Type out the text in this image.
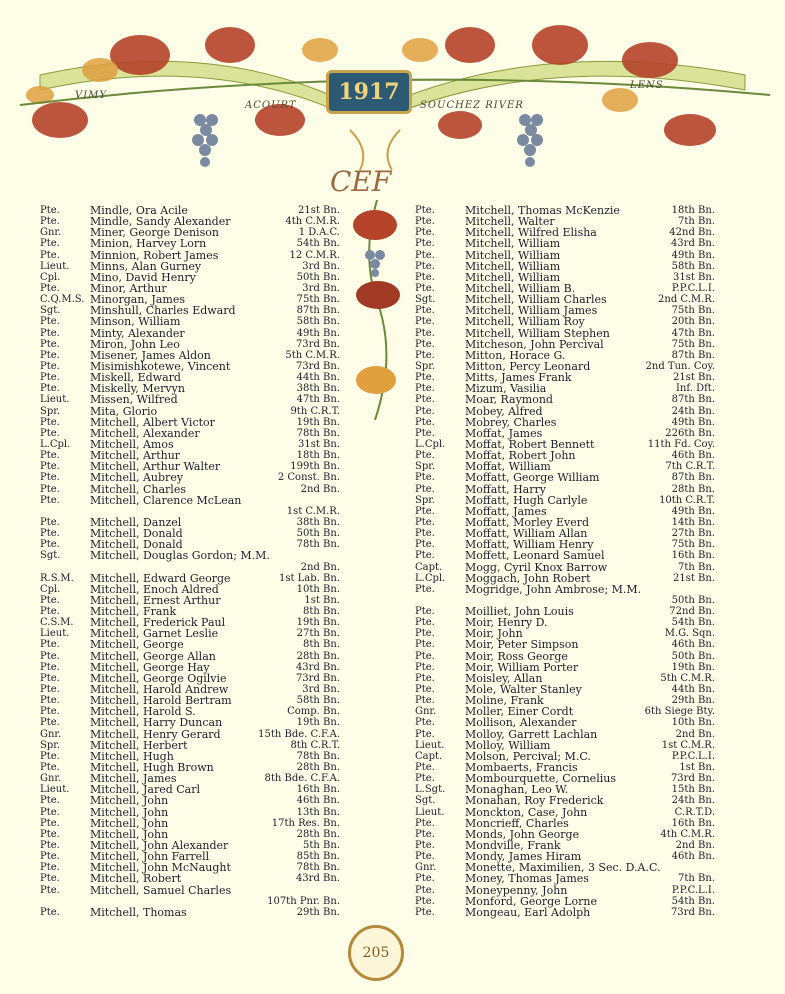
1917
VIMY
ACOURT	SOUCHEZ RIVER
LENS
CEF
Pte.	Mindle, Ora Acile	21st Bn.
Pte.	Mindle, Sandy Alexander	4th C.M.R.
Gnr.	Miner, George Denison	1 D.A.C.
Pte.	Minion, Harvey Lorn	54th Bn.
Pte.	Minnion, Robert James	12 C.M.R.
Lieut.	Minns, Alan Gurney	3rd Bn.
Cpl.	Mino, David Henry	50th Bn.
Pte.	Minor, Arthur	3rd Bn.
C.Q.M.S. Minorgan, James	75th Bn.
Sgt.	Minshull, Charles Edward	87th Bn.
Pte.	Minson, William	58th Bn.
Pte.	Minty, Alexander	49th Bn.
Pte.	Miron, John Leo	73rd Bn.
Pte.	Misener, James Aldon	5th C.M.R.
Pte.	Misimishkotewe, Vincent	73rd Bn.
Pte.	Miskell, Edward	44th Bn.
Pte.	Miskelly, Mervyn	38th Bn.
Lieut.	Missen, Wilfred	47th Bn.
Spr.	Mita, Glorio	9th C.R.T.
Pte.	Mitchell, Albert Victor	19th Bn.
Pte.	Mitchell, Alexander	78th Bn.
L.Cpl.	Mitchell, Amos	31st Bn.
Pte.	Mitchell, Arthur	18th Bn.
Pte.	Mitchell, Arthur Walter	199th Bn.
Pte.	Mitchell, Aubrey	2 Const. Bn.
Pte.	Mitchell, Charles	2nd Bn.
Pte.	Mitchell, Clarence McLean
1st C.M.R.
Pte.	Mitchell, Danzel	38th Bn.
Pte.	Mitchell, Donald	50th Bn.
Pte.	Mitchell, Donald	78th Bn.
Sgt.	Mitchell, Douglas Gordon; M.M.
2nd Bn.
R.S.M.	Mitchell, Edward George	1st Lab. Bn.
Cpl.	Mitchell, Enoch Aldred	10th Bn.
Pte.	Mitchell, Ernest Arthur	1st Bn.
Pte.	Mitchell, Frank	8th Bn.
C.S.M.	Mitchell, Frederick Paul	19th Bn.
Lieut.	Mitchell, Garnet Leslie	27th Bn.
Pte.	Mitchell, George	8th Bn.
Pte.	Mitchell, George Allan	28th Bn.
Pte.	Mitchell, George Hay	43rd Bn.
Pte.	Mitchell, George Ogilvie	73rd Bn.
Pte.	Mitchell, Harold Andrew	3rd Bn.
Pte.	Mitchell, Harold Bertram	58th Bn.
Pte.	Mitchell, Harold S.	Comp. Bn.
Pte.	Mitchell, Harry Duncan	19th Bn.
Gnr.	Mitchell, Henry Gerard	15th Bde. C.F.A.
Spr.	Mitchell, Herbert	8th C.R.T.
Pte.	Mitchell, Hugh	78th Bn.
Pte.	Mitchell, Hugh Brown	28th Bn.
Gnr.	Mitchell, James	8th Bde. C.F.A.
Lieut.	Mitchell, Jared Carl	16th Bn.
Pte.	Mitchell, John	46th Bn.
Pte.	Mitchell, John	13th Bn.
Pte.	Mitchell, John	17th Res. Bn.
Pte.	Mitchell, John	28th Bn.
Pte.	Mitchell, John Alexander	5th Bn.
Pte.	Mitchell, John Farrell	85th Bn.
Pte.	Mitchell, John McNaught	78th Bn.
Pte.	Mitchell, Robert	43rd Bn.
Pte.	Mitchell, Samuel Charles
107th Pnr. Bn.
Pte.	Mitchell, Thomas	29th Bn.
Pte.	Mitchell, Thomas McKenzie	18th Bn.
Pte.	Mitchell, Walter	7th Bn.
Pte.	Mitchell, Wilfred Elisha	42nd Bn.
Pte.	Mitchell, William	43rd Bn.
Pte.	Mitchell, William	49th Bn.
Pte.	Mitchell, William	58th Bn.
Pte.	Mitchell, William	31st Bn.
Pte.	Mitchell, William B.	P.P.C.L.I.
Sgt.	Mitchell, William Charles	2nd C.M.R.
Pte.	Mitchell, William James	75th Bn.
Pte.	Mitchell, William Roy	20th Bn.
Pte.	Mitchell, William Stephen	47th Bn.
Pte.	Mitcheson, John Percival	75th Bn.
Pte.	Mitton, Horace G.	87th Bn.
Spr.	Mitton, Percy Leonard	2nd Tun. Coy.
Pte.	Mitts, James Frank	21st Bn.
Pte.	Mizum, Vasilia	Inf. Dft.
Pte.	Moar, Raymond	87th Bn.
Pte.	Mobey, Alfred	24th Bn.
Pte.	Mobrey, Charles	49th Bn.
Pte.	Moffat, James	226th Bn.
L.Cpl.	Moffat, Robert Bennett	11th Fd. Coy.
Pte.	Moffat, Robert John	46th Bn.
Spr.	Moffat, William	7th C.R.T.
Pte.	Moffatt, George William	87th Bn.
Pte.	Moffatt, Harry	28th Bn.
Spr.	Moffatt, Hugh Carlyle	10th C.R.T.
Pte.	Moffatt, James	49th Bn.
Pte.	Moffatt, Morley Everd	14th Bn.
Pte.	Moffatt, William Allan	27th Bn.
Pte.	Moffatt, William Henry	75th Bn.
Pte.	Moffett, Leonard Samuel	16th Bn.
Capt.	Mogg, Cyril Knox Barrow	7th Bn.
L.Cpl.	Moggach, John Robert	21st Bn.
Pte.	Mogridge, John Ambrose; M.M.
50th Bn.
Pte.	Moilliet, John Louis	72nd Bn.
Pte.	Moir, Henry D.	54th Bn.
Pte.	Moir, John	M.G. Sqn.
Pte.	Moir, Peter Simpson	46th Bn.
Pte.	Moir, Ross George	50th Bn.
Pte.	Moir, William Porter	19th Bn.
Pte.	Moisley, Allan	5th C.M.R.
Pte.	Mole, Walter Stanley	44th Bn.
Pte.	Moline, Frank	29th Bn.
Gnr.	Moller, Einer Cordt	6th Siege Bty.
Pte.	Mollison, Alexander	10th Bn.
Pte.	Molloy, Garrett Lachlan	2nd Bn.
Lieut.	Molloy, William	1st C.M.R.
Capt.	Molson, Percival; M.C.	P.P.C.L.I.
Pte.	Mombaerts, Francis	1st Bn.
Pte.	Mombourquette, Cornelius	73rd Bn.
L.Sgt.	Monaghan, Leo W.	15th Bn.
Sgt.	Monahan, Roy Frederick	24th Bn.
Lieut.	Monckton, Case, John	C.R.T.D.
Pte.	Moncrieff, Charles	16th Bn.
Pte.	Monds, John George	4th C.M.R.
Pte.	Mondville, Frank	2nd Bn.
Pte.	Mondy, James Hiram	46th Bn.
Gnr.	Monette, Maximilien, 3 Sec. D.A.C.
Pte.	Money, Thomas James	7th Bn.
Pte.	Moneypenny, John	P.P.C.L.I.
Pte.	Monford, George Lorne	54th Bn.
Pte.	Mongeau, Earl Adolph	73rd Bn.
205
